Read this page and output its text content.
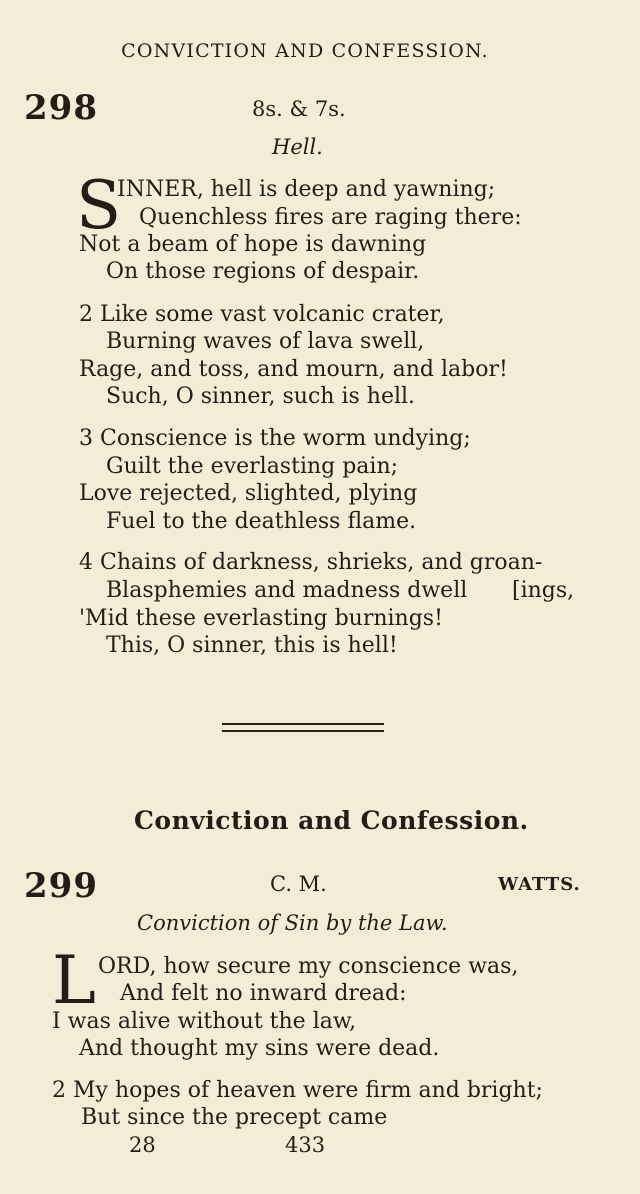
CONVICTION AND CONFESSION.
298	8s. & 7s.
Hell.
S
INNER, hell is deep and yawning;
Quenchless fires are raging there:
Not a beam of hope is dawning
On those regions of despair.
2 Like some vast volcanic crater,
Burning waves of lava swell,
Rage, and toss, and mourn, and labor!
Such, O sinner, such is hell.
3 Conscience is the worm undying;
Guilt the everlasting pain;
Love rejected, slighted, plying
Fuel to the deathless flame.
4 Chains of darkness, shrieks, and groan-
Blasphemies and madness dwell [ings,
'Mid these everlasting burnings!
This, O sinner, this is hell!
Conviction and Confession.
299	C. M.	WATTS.
Conviction of Sin by the Law.
L ORD, how secure my conscience was,
And felt no inward dread:
I was alive without the law,
And thought my sins were dead.
2 My hopes of heaven were firm and bright;
But since the precept came
28	433
